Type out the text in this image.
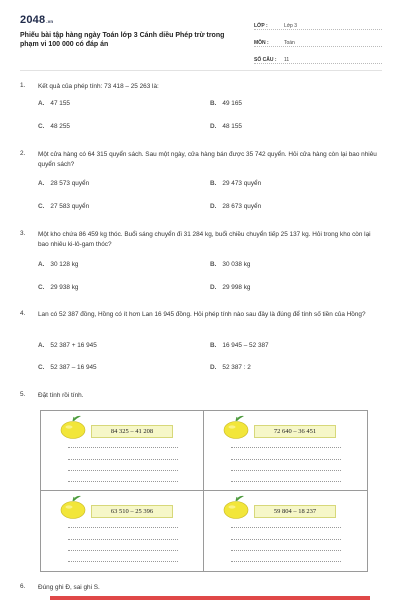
2048.vn
Phiếu bài tập hàng ngày Toán lớp 3 Cánh diều Phép trừ trong phạm vi 100 000 có đáp án
LỚP :	Lớp 3
MÔN :	Toán
SỐ CÂU :	11
1. Kết quả của phép tính: 73 418 – 25 263 là:
A. 47 155	B. 49 165
C. 48 255	D. 48 155
2. Một cửa hàng có 64 315 quyển sách. Sau một ngày, cửa hàng bán được 35 742 quyển. Hỏi cửa hàng còn lại bao nhiêu quyển sách?
A. 28 573 quyển	B. 29 473 quyển
C. 27 583 quyển	D. 28 673 quyển
3. Một kho chứa 86 459 kg thóc. Buổi sáng chuyển đi 31 284 kg, buổi chiều chuyển tiếp 25 137 kg. Hỏi trong kho còn lại bao nhiêu ki-lô-gam thóc?
A. 30 128 kg	B. 30 038 kg
C. 29 938 kg	D. 29 998 kg
4. Lan có 52 387 đồng, Hồng có ít hơn Lan 16 945 đồng. Hỏi phép tính nào sau đây là đúng để tính số tiền của Hồng?
A. 52 387 + 16 945	B. 16 945 – 52 387
C. 52 387 – 16 945	D. 52 387 : 2
5. Đặt tính rồi tính.
84 325 – 41 208	72 640 – 36 451
63 510 – 25 396	59 804 – 18 237
6. Đúng ghi Đ, sai ghi S.
